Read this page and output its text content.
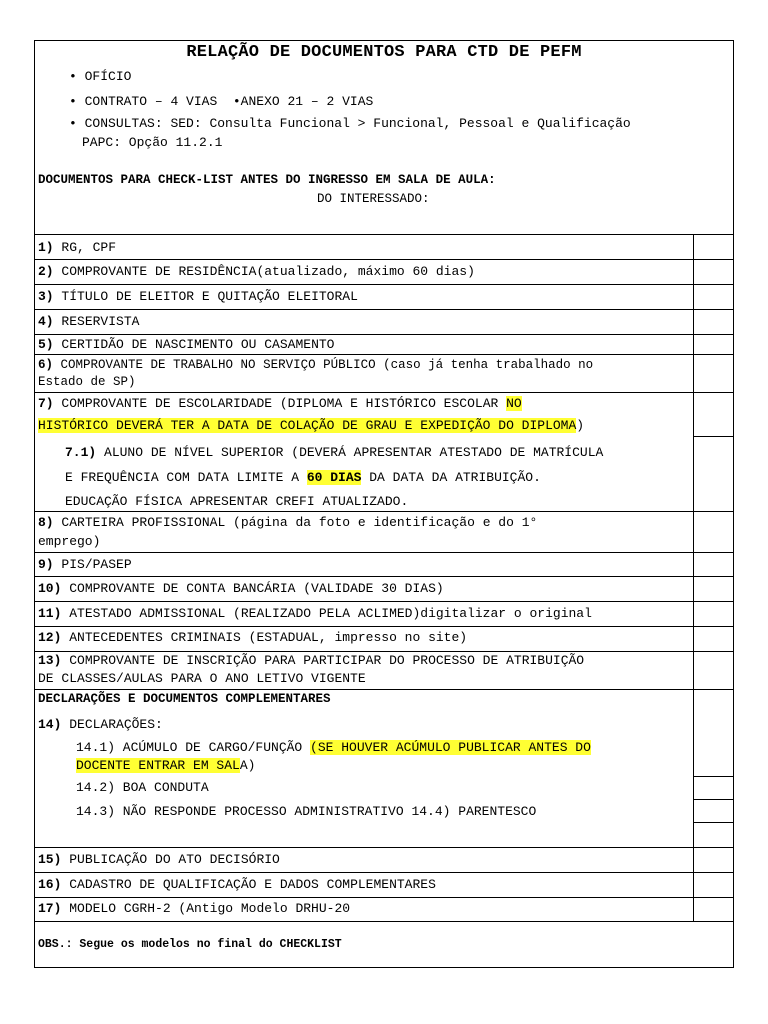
RELAÇÃO DE DOCUMENTOS PARA CTD DE PEFM
• OFÍCIO
• CONTRATO – 4 VIAS •ANEXO 21 – 2 VIAS
• CONSULTAS: SED: Consulta Funcional > Funcional, Pessoal e Qualificação
PAPC: Opção 11.2.1
DOCUMENTOS PARA CHECK-LIST ANTES DO INGRESSO EM SALA DE AULA:
DO INTERESSADO:
1) RG, CPF
2) COMPROVANTE DE RESIDÊNCIA(atualizado, máximo 60 dias)
3) TÍTULO DE ELEITOR E QUITAÇÃO ELEITORAL
4) RESERVISTA
5) CERTIDÃO DE NASCIMENTO OU CASAMENTO
6) COMPROVANTE DE TRABALHO NO SERVIÇO PÚBLICO (caso já tenha trabalhado no
Estado de SP)
7) COMPROVANTE DE ESCOLARIDADE (DIPLOMA E HISTÓRICO ESCOLAR NO
HISTÓRICO DEVERÁ TER A DATA DE COLAÇÃO DE GRAU E EXPEDIÇÃO DO DIPLOMA)
7.1) ALUNO DE NÍVEL SUPERIOR (DEVERÁ APRESENTAR ATESTADO DE MATRÍCULA
E FREQUÊNCIA COM DATA LIMITE A 60 DIAS DA DATA DA ATRIBUIÇÃO.
EDUCAÇÃO FÍSICA APRESENTAR CREFI ATUALIZADO.
8) CARTEIRA PROFISSIONAL (página da foto e identificação e do 1°
emprego)
9) PIS/PASEP
10) COMPROVANTE DE CONTA BANCÁRIA (VALIDADE 30 DIAS)
11) ATESTADO ADMISSIONAL (REALIZADO PELA ACLIMED)digitalizar o original
12) ANTECEDENTES CRIMINAIS (ESTADUAL, impresso no site)
13) COMPROVANTE DE INSCRIÇÃO PARA PARTICIPAR DO PROCESSO DE ATRIBUIÇÃO
DE CLASSES/AULAS PARA O ANO LETIVO VIGENTE
DECLARAÇÕES E DOCUMENTOS COMPLEMENTARES
14) DECLARAÇÕES:
14.1) ACÚMULO DE CARGO/FUNÇÃO (SE HOUVER ACÚMULO PUBLICAR ANTES DO
DOCENTE ENTRAR EM SALA)
14.2) BOA CONDUTA
14.3) NÃO RESPONDE PROCESSO ADMINISTRATIVO 14.4) PARENTESCO
15) PUBLICAÇÃO DO ATO DECISÓRIO
16) CADASTRO DE QUALIFICAÇÃO E DADOS COMPLEMENTARES
17) MODELO CGRH-2 (Antigo Modelo DRHU-20
OBS.: Segue os modelos no final do CHECKLIST
